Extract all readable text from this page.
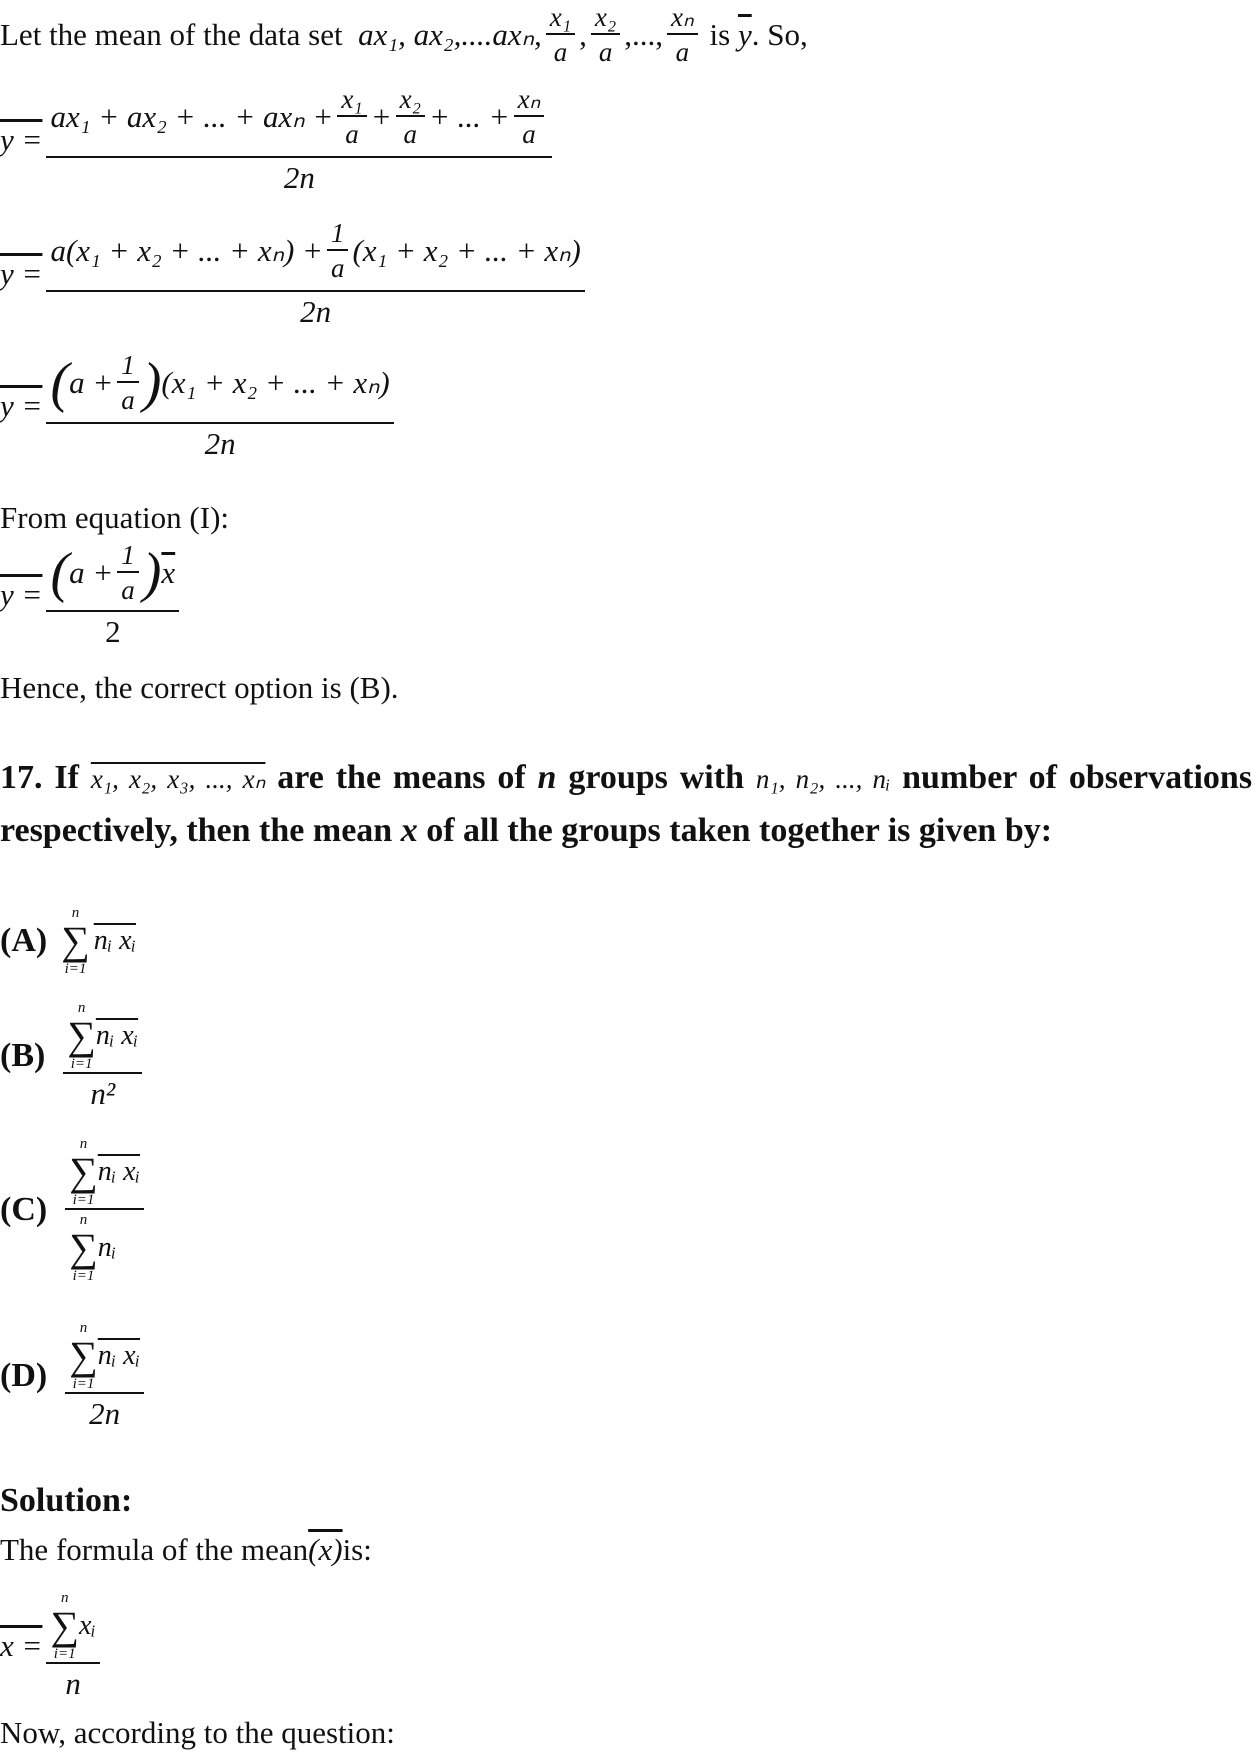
Let the mean of the data set
ax₁, ax₂,....axₙ, $\frac{\text{x₁}}{a}$ , $\frac{\text{x₂}}{a}$ ,..., $\frac{\text{xₙ}}{a}$
is
$\overline{y}$ . So,
y =
ax₁ + ax₂ + ... + $ax_n + \frac{\text{x₁}}{a} + \frac{\text{x₂}}{a}$ + ... + $\frac{\text{xₙ}}{a}$
2n
$y = \frac{a(x_1 + x_2 + ... + x_n) + \frac{1}{a} (x_1 + x_2 + ... + x_n)}{2n}$
$y = \frac{( a + \frac{1}{a} ) (x_1 + x_2 + ... + x_n)}{2n}$
From equation (I):
$y = \frac{( a + \frac{1}{a} ) \overline{x}}{2}$
Hence, the correct option is (B).
17. If x₁, x₂, x₃, ..., xₙ are the means of n groups with n₁, n₂, ..., nᵢ number of observations respectively, then the mean x of all the groups taken together is given by:
(A)
n
∑
i=1
nᵢ xᵢ
(B) n
∑
i=1
nᵢ xᵢ
n²
(C) n
∑
i=1
nᵢ xᵢ
n
∑
i=1
nᵢ
(D) n
∑
i=1
nᵢ xᵢ
2n
Solution:
The formula of the mean (x) is:
x = n
∑
i=1
xᵢ
n
Now, according to the question:
